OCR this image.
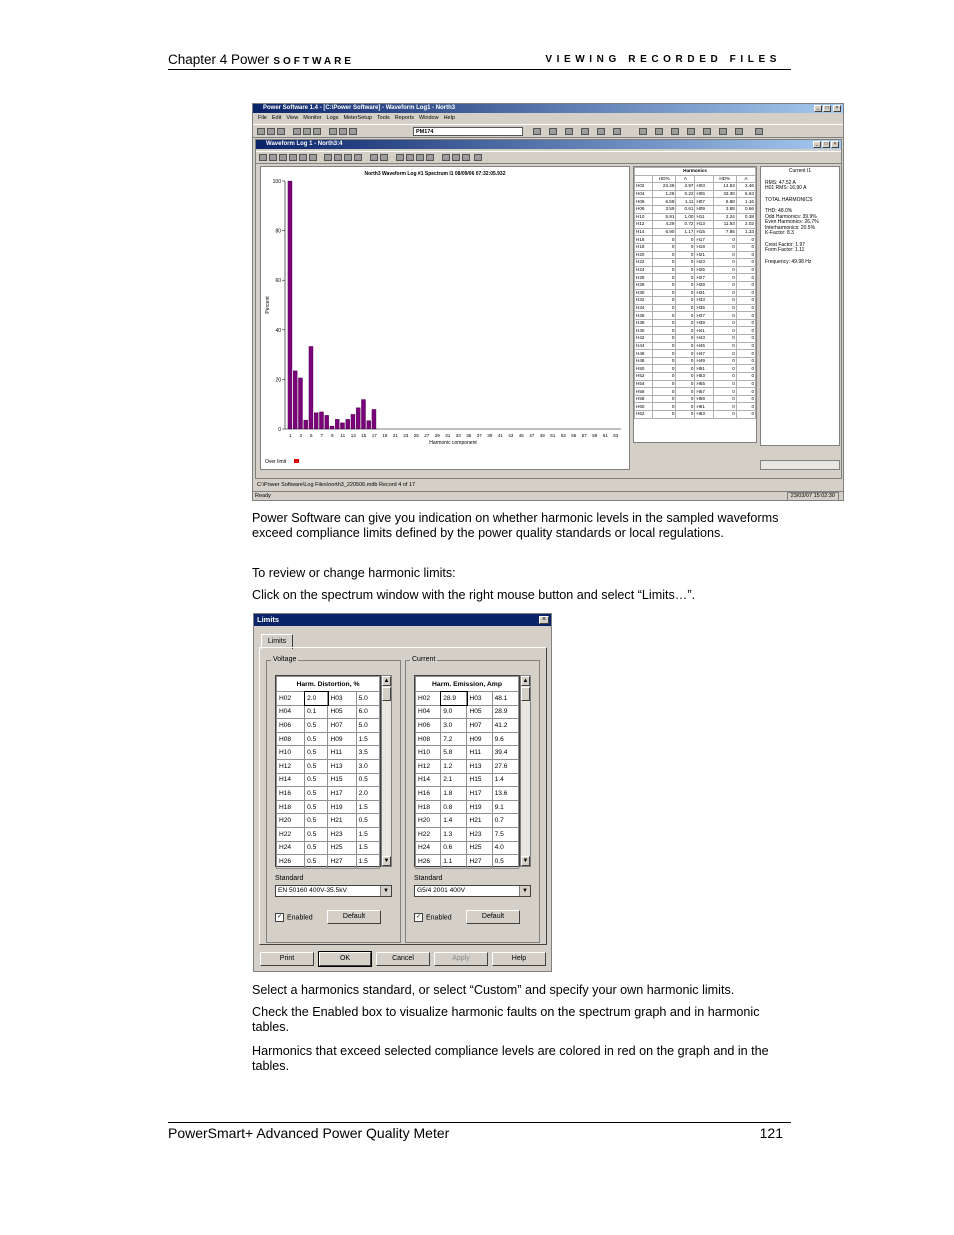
Chapter 4 Power SOFTWARE	VIEWING RECORDED FILES
Power Software 1.4 - [C:\Power Software] - Waveform Log1 - North3	_	□	×
File Edit View Monitor Logs MeterSetup Tools Reports Window Help
PM174
Waveform Log 1 - North3:4	_	□	×
North3 Waveform Log #1 Spectrum I1 08/09/06 07:32:05.932
0
20
40
60
80
100
Percent
1 3 5 7 9 11 13 15 17 19 21 23 25 27 29 31 33 35 37 39 41 43 45 47 49 51 53 55 57 59 61 63
Harmonic component
Over limit
Harmonics					
	HD%	A		HD%	A
H02	23.48	3.97	H03	14.53	2.46
H04	1.28	0.22	H05	33.30	5.63
H06	6.59	1.11	H07	6.88	1.16
H08	3.59	0.61	H09	3.88	0.66
H10	5.91	1.00	H11	2.24	0.38
H12	4.29	0.72	H13	11.93	2.02
H14	6.90	1.17	H15	7.85	1.33
H16	0	0	H17	0	0
H18	0	0	H19	0	0
H20	0	0	H21	0	0
H22	0	0	H23	0	0
H24	0	0	H25	0	0
H26	0	0	H27	0	0
H28	0	0	H29	0	0
H30	0	0	H31	0	0
H32	0	0	H33	0	0
H34	0	0	H35	0	0
H36	0	0	H37	0	0
H38	0	0	H39	0	0
H40	0	0	H41	0	0
H42	0	0	H43	0	0
H44	0	0	H45	0	0
H46	0	0	H47	0	0
H48	0	0	H49	0	0
H50	0	0	H51	0	0
H52	0	0	H53	0	0
H54	0	0	H55	0	0
H56	0	0	H57	0	0
H58	0	0	H59	0	0
H60	0	0	H61	0	0
H62	0	0	H63	0	0
Current I1
RMS: 47.52 A
H01 RMS: 16.90 A
TOTAL HARMONICS
THD: 48.0%
Odd Harmonics: 39.9%
Even Harmonics: 26.7%
Interharmonics: 20.5%
K-Factor: 8.3
Crest Factor: 1.97
Form Factor: 1.11
Frequency: 49.98 Hz
C:\Power Software\Log Files\north3_220506.mdb Record 4 of 17
Ready	23/03/07 15:02:30
Power Software can give you indication on whether harmonic levels in the sampled waveforms exceed compliance limits defined by the power quality standards or local regulations.
To review or change harmonic limits:
Click on the spectrum window with the right mouse button and select “Limits…”.
Limits	×
Limits
Voltage
Harm. Distortion, %			
H02	2.0	H03	5.0
H04	0.1	H05	6.0
H06	0.5	H07	5.0
H08	0.5	H09	1.5
H10	0.5	H11	3.5
H12	0.5	H13	3.0
H14	0.5	H15	0.5
H16	0.5	H17	2.0
H18	0.5	H19	1.5
H20	0.5	H21	0.5
H22	0.5	H23	1.5
H24	0.5	H25	1.5
H26	0.5	H27	1.5
▲
▼
Standard
EN 50160 400V-35.5kV	▼
✓ Enabled	Default
Current
Harm. Emission, Amp			
H02	28.9	H03	48.1
H04	9.0	H05	28.9
H06	3.0	H07	41.2
H08	7.2	H09	9.6
H10	5.8	H11	39.4
H12	1.2	H13	27.6
H14	2.1	H15	1.4
H16	1.8	H17	13.6
H18	0.8	H19	9.1
H20	1.4	H21	0.7
H22	1.3	H23	7.5
H24	0.6	H25	4.0
H26	1.1	H27	0.5
▲
▼
Standard
G5/4 2001 400V	▼
✓ Enabled	Default
Print	OK	Cancel	Apply	Help
Select a harmonics standard, or select “Custom” and specify your own harmonic limits.
Check the Enabled box to visualize harmonic faults on the spectrum graph and in harmonic tables.
Harmonics that exceed selected compliance levels are colored in red on the graph and in the tables.
PowerSmart+ Advanced Power Quality Meter	121
